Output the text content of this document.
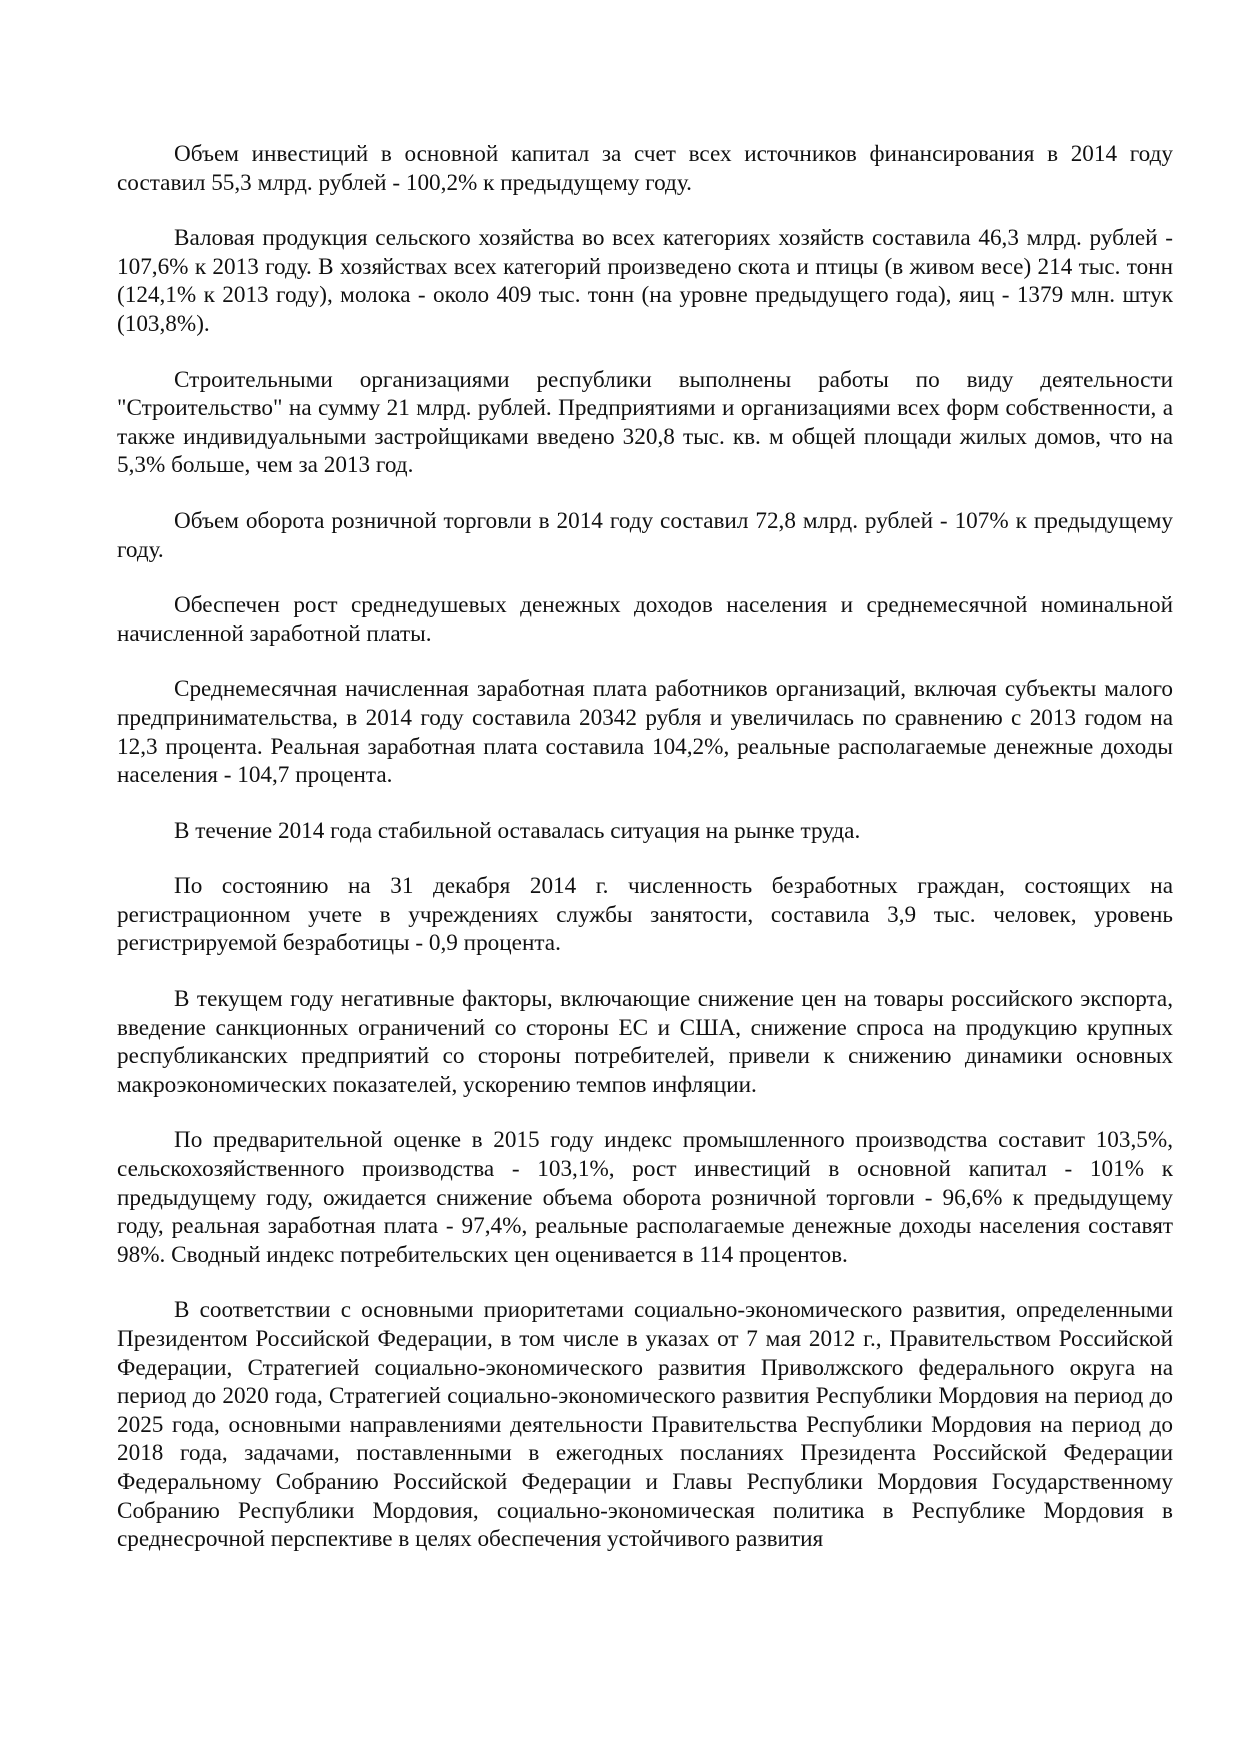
Объем инвестиций в основной капитал за счет всех источников финансирования в 2014 году составил 55,3 млрд. рублей - 100,2% к предыдущему году.

Валовая продукция сельского хозяйства во всех категориях хозяйств составила 46,3 млрд. рублей - 107,6% к 2013 году. В хозяйствах всех категорий произведено скота и птицы (в живом весе) 214 тыс. тонн (124,1% к 2013 году), молока - около 409 тыс. тонн (на уровне предыдущего года), яиц - 1379 млн. штук (103,8%).

Строительными организациями республики выполнены работы по виду деятельности "Строительство" на сумму 21 млрд. рублей. Предприятиями и организациями всех форм собственности, а также индивидуальными застройщиками введено 320,8 тыс. кв. м общей площади жилых домов, что на 5,3% больше, чем за 2013 год.

Объем оборота розничной торговли в 2014 году составил 72,8 млрд. рублей - 107% к предыдущему году.

Обеспечен рост среднедушевых денежных доходов населения и среднемесячной номинальной начисленной заработной платы.

Среднемесячная начисленная заработная плата работников организаций, включая субъекты малого предпринимательства, в 2014 году составила 20342 рубля и увеличилась по сравнению с 2013 годом на 12,3 процента. Реальная заработная плата составила 104,2%, реальные располагаемые денежные доходы населения - 104,7 процента.

В течение 2014 года стабильной оставалась ситуация на рынке труда.

По состоянию на 31 декабря 2014 г. численность безработных граждан, состоящих на регистрационном учете в учреждениях службы занятости, составила 3,9 тыс. человек, уровень регистрируемой безработицы - 0,9 процента.

В текущем году негативные факторы, включающие снижение цен на товары российского экспорта, введение санкционных ограничений со стороны ЕС и США, снижение спроса на продукцию крупных республиканских предприятий со стороны потребителей, привели к снижению динамики основных макроэкономических показателей, ускорению темпов инфляции.

По предварительной оценке в 2015 году индекс промышленного производства составит 103,5%, сельскохозяйственного производства - 103,1%, рост инвестиций в основной капитал - 101% к предыдущему году, ожидается снижение объема оборота розничной торговли - 96,6% к предыдущему году, реальная заработная плата - 97,4%, реальные располагаемые денежные доходы населения составят 98%. Сводный индекс потребительских цен оценивается в 114 процентов.

В соответствии с основными приоритетами социально-экономического развития, определенными Президентом Российской Федерации, в том числе в указах от 7 мая 2012 г., Правительством Российской Федерации, Стратегией социально-экономического развития Приволжского федерального округа на период до 2020 года, Стратегией социально-экономического развития Республики Мордовия на период до 2025 года, основными направлениями деятельности Правительства Республики Мордовия на период до 2018 года, задачами, поставленными в ежегодных посланиях Президента Российской Федерации Федеральному Собранию Российской Федерации и Главы Республики Мордовия Государственному Собранию Республики Мордовия, социально-экономическая политика в Республике Мордовия в среднесрочной перспективе в целях обеспечения устойчивого развития
